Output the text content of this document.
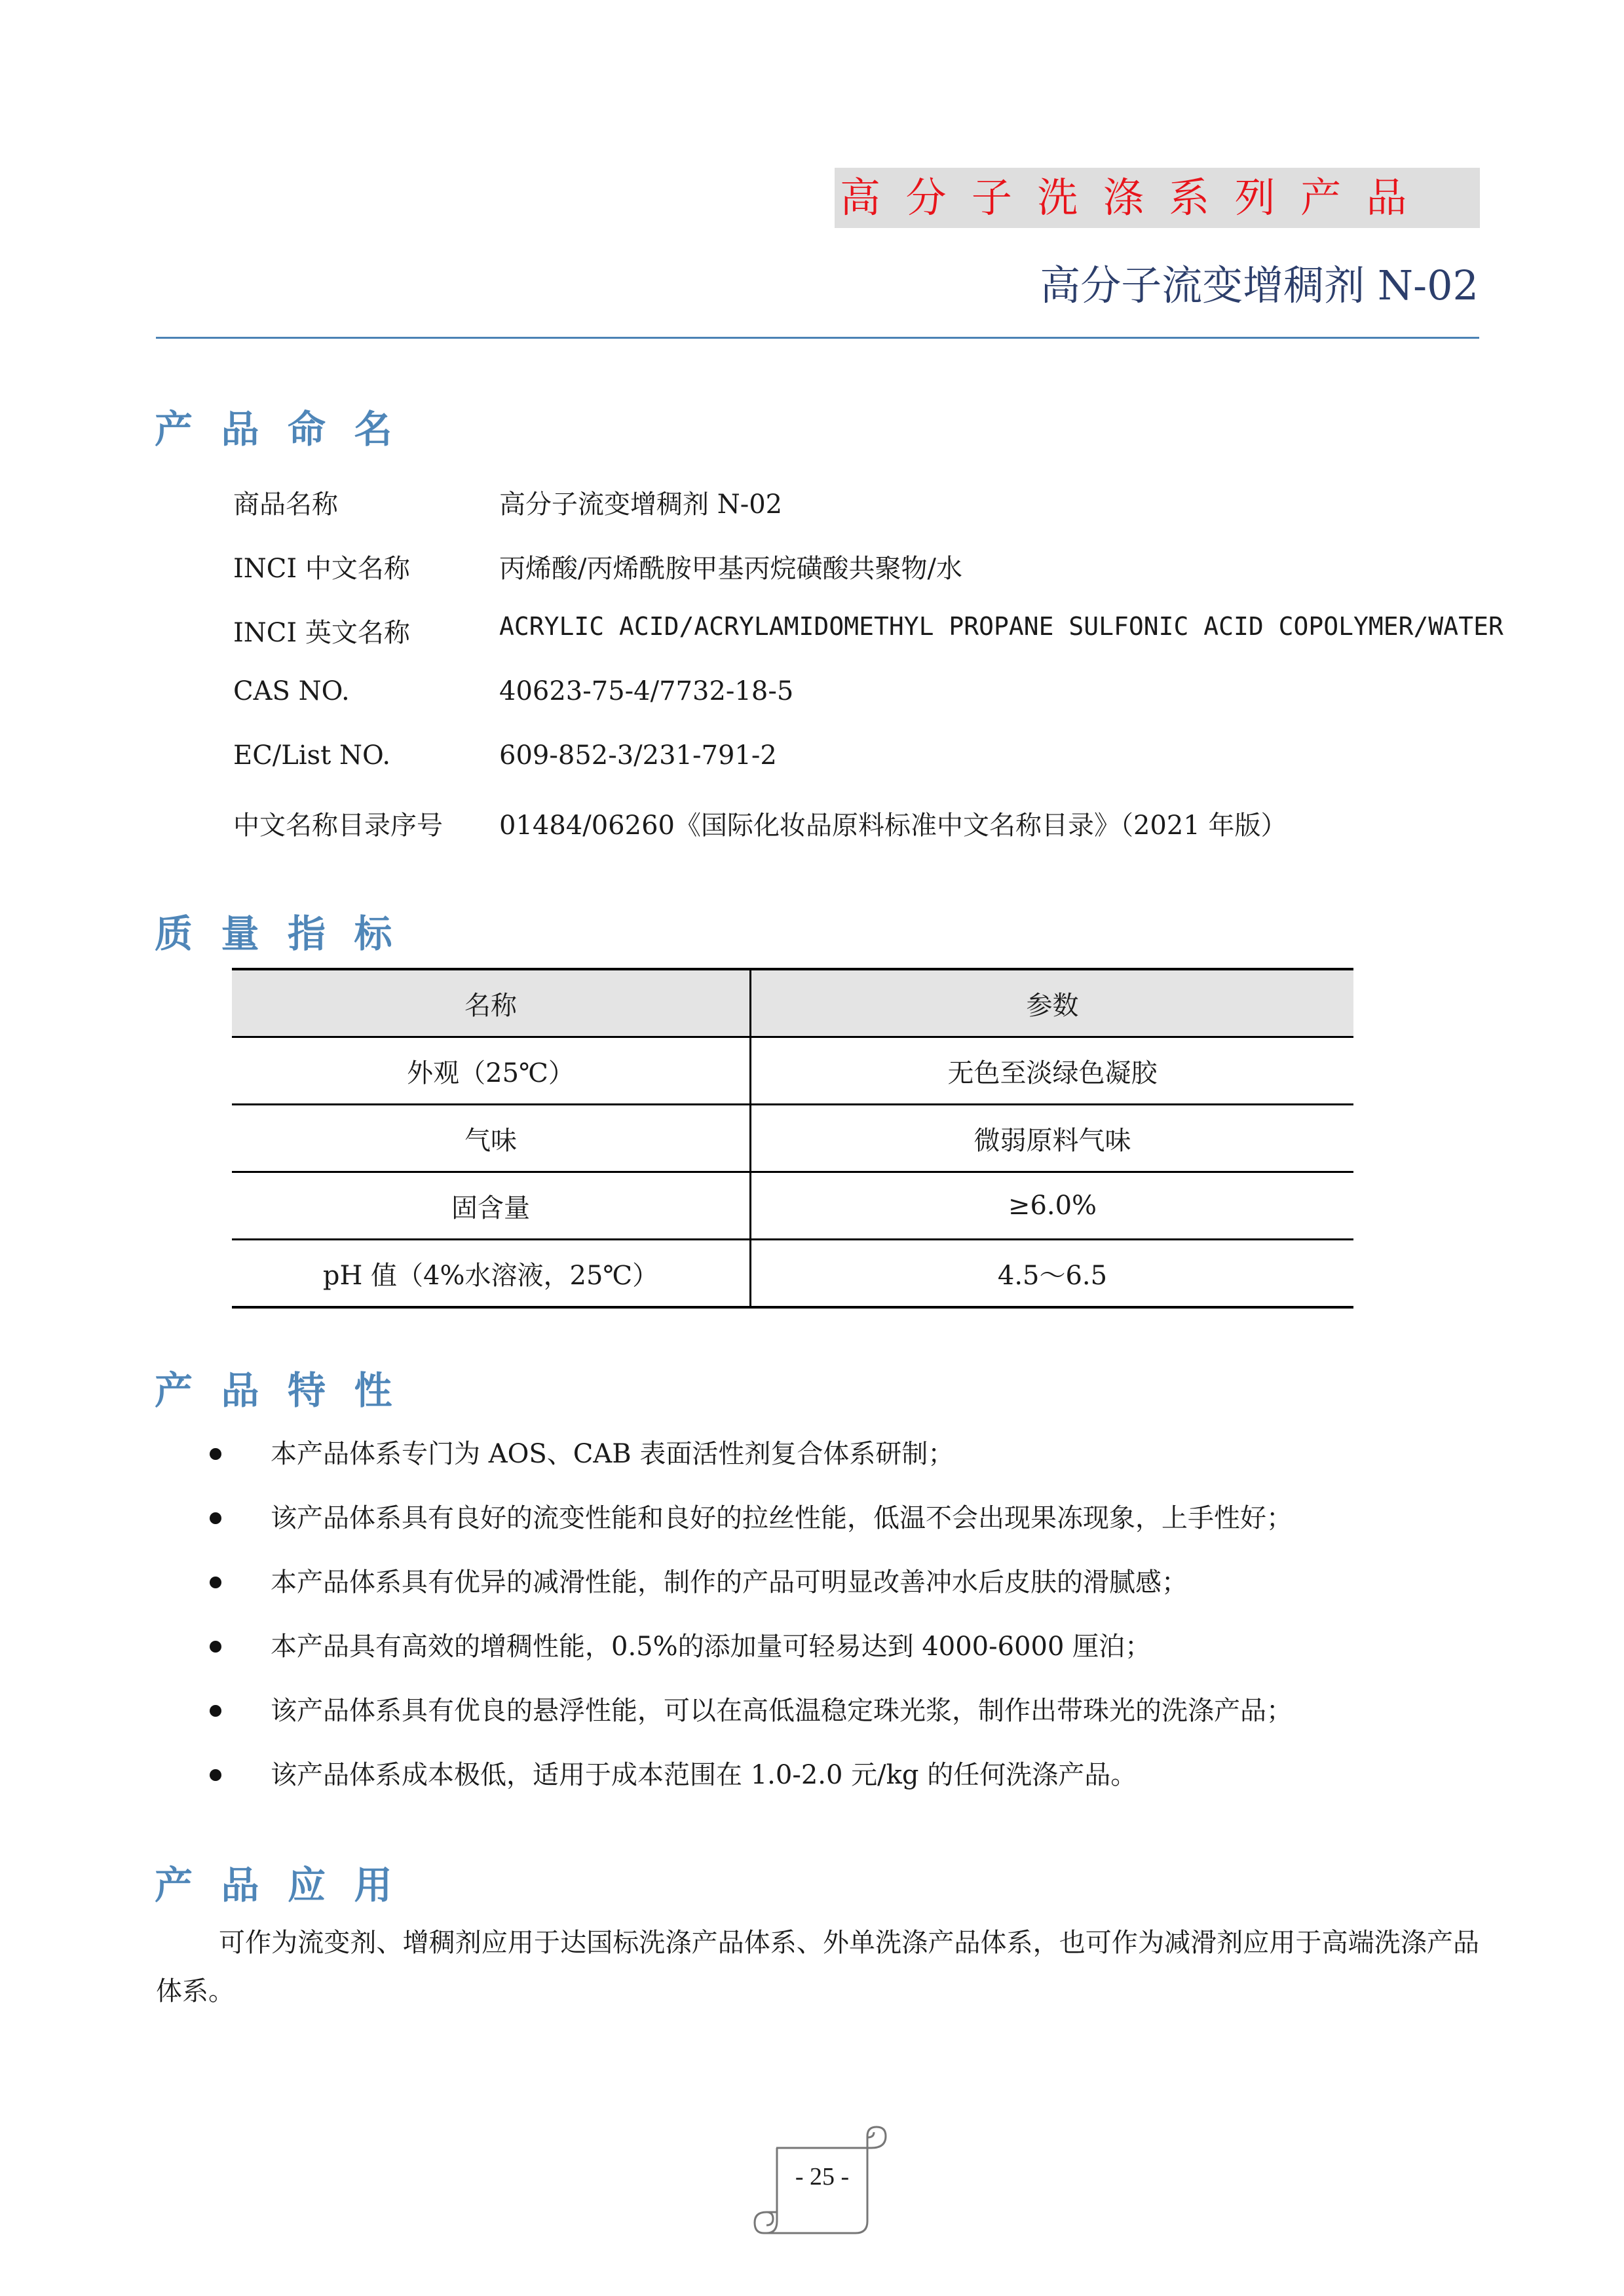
高分子洗涤系列产品
高分子流变增稠剂 N-02
产品命名
商品名称	高分子流变增稠剂 N-02
INCI 中文名称	丙烯酸/丙烯酰胺甲基丙烷磺酸共聚物/水
INCI 英文名称	ACRYLIC ACID/ACRYLAMIDOMETHYL PROPANE SULFONIC ACID COPOLYMER/WATER
CAS NO.	40623-75-4/7732-18-5
EC/List NO.	609-852-3/231-791-2
中文名称目录序号 01484/06260《国际化妆品原料标准中文名称目录》（2021 年版）
质量指标
名称	参数
外观（25℃）	无色至淡绿色凝胶
气味	微弱原料气味
固含量	≥6.0%
pH 值（4%水溶液，25℃）	4.5～6.5
产品特性
本产品体系专门为 AOS、CAB 表面活性剂复合体系研制；
该产品体系具有良好的流变性能和良好的拉丝性能，低温不会出现果冻现象，上手性好；
本产品体系具有优异的减滑性能，制作的产品可明显改善冲水后皮肤的滑腻感；
本产品具有高效的增稠性能，0.5%的添加量可轻易达到 4000-6000 厘泊；
该产品体系具有优良的悬浮性能，可以在高低温稳定珠光浆，制作出带珠光的洗涤产品；
该产品体系成本极低，适用于成本范围在 1.0-2.0 元/kg 的任何洗涤产品。
产品应用
可作为流变剂、增稠剂应用于达国标洗涤产品体系、外单洗涤产品体系，也可作为减滑剂应用于高端洗涤产品体系。
- 25 -
